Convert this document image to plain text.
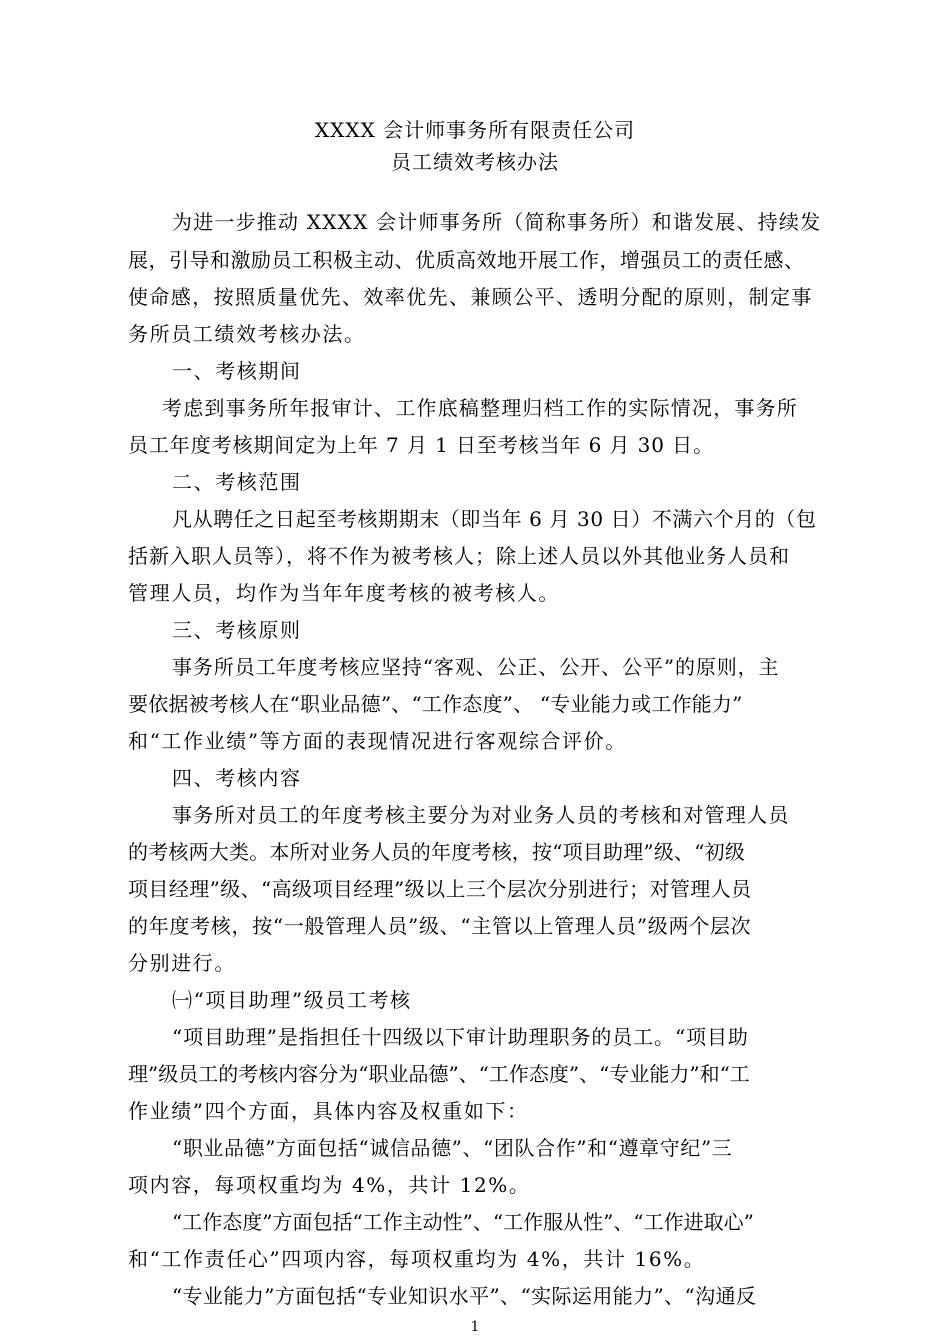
XXXX 会计师事务所有限责任公司
员工绩效考核办法
为进一步推动 XXXX 会计师事务所（简称事务所）和谐发展、持续发
展，引导和激励员工积极主动、优质高效地开展工作，增强员工的责任感、
使命感，按照质量优先、效率优先、兼顾公平、透明分配的原则，制定事
务所员工绩效考核办法。
一、考核期间
考虑到事务所年报审计、工作底稿整理归档工作的实际情况，事务所
员工年度考核期间定为上年 7 月 1 日至考核当年 6 月 30 日。
二、考核范围
凡从聘任之日起至考核期期末（即当年 6 月 30 日）不满六个月的（包
括新入职人员等），将不作为被考核人；除上述人员以外其他业务人员和
管理人员，均作为当年年度考核的被考核人。
三、考核原则
事务所员工年度考核应坚持“客观、公正、公开、公平”的原则，主
要依据被考核人在“职业品德”、“工作态度”、 “专业能力或工作能力”
和“工作业绩”等方面的表现情况进行客观综合评价。
四、考核内容
事务所对员工的年度考核主要分为对业务人员的考核和对管理人员
的考核两大类。本所对业务人员的年度考核，按“项目助理”级、“初级
项目经理”级、“高级项目经理”级以上三个层次分别进行；对管理人员
的年度考核，按“一般管理人员”级、“主管以上管理人员”级两个层次
分别进行。
㈠“项目助理”级员工考核
“项目助理”是指担任十四级以下审计助理职务的员工。“项目助
理”级员工的考核内容分为“职业品德”、“工作态度”、“专业能力”和“工
作业绩”四个方面，具体内容及权重如下：
“职业品德”方面包括“诚信品德”、“团队合作”和“遵章守纪”三
项内容，每项权重均为 4%，共计 12%。
“工作态度”方面包括“工作主动性”、“工作服从性”、“工作进取心”
和“工作责任心”四项内容，每项权重均为 4%，共计 16%。
“专业能力”方面包括“专业知识水平”、“实际运用能力”、“沟通反
1
